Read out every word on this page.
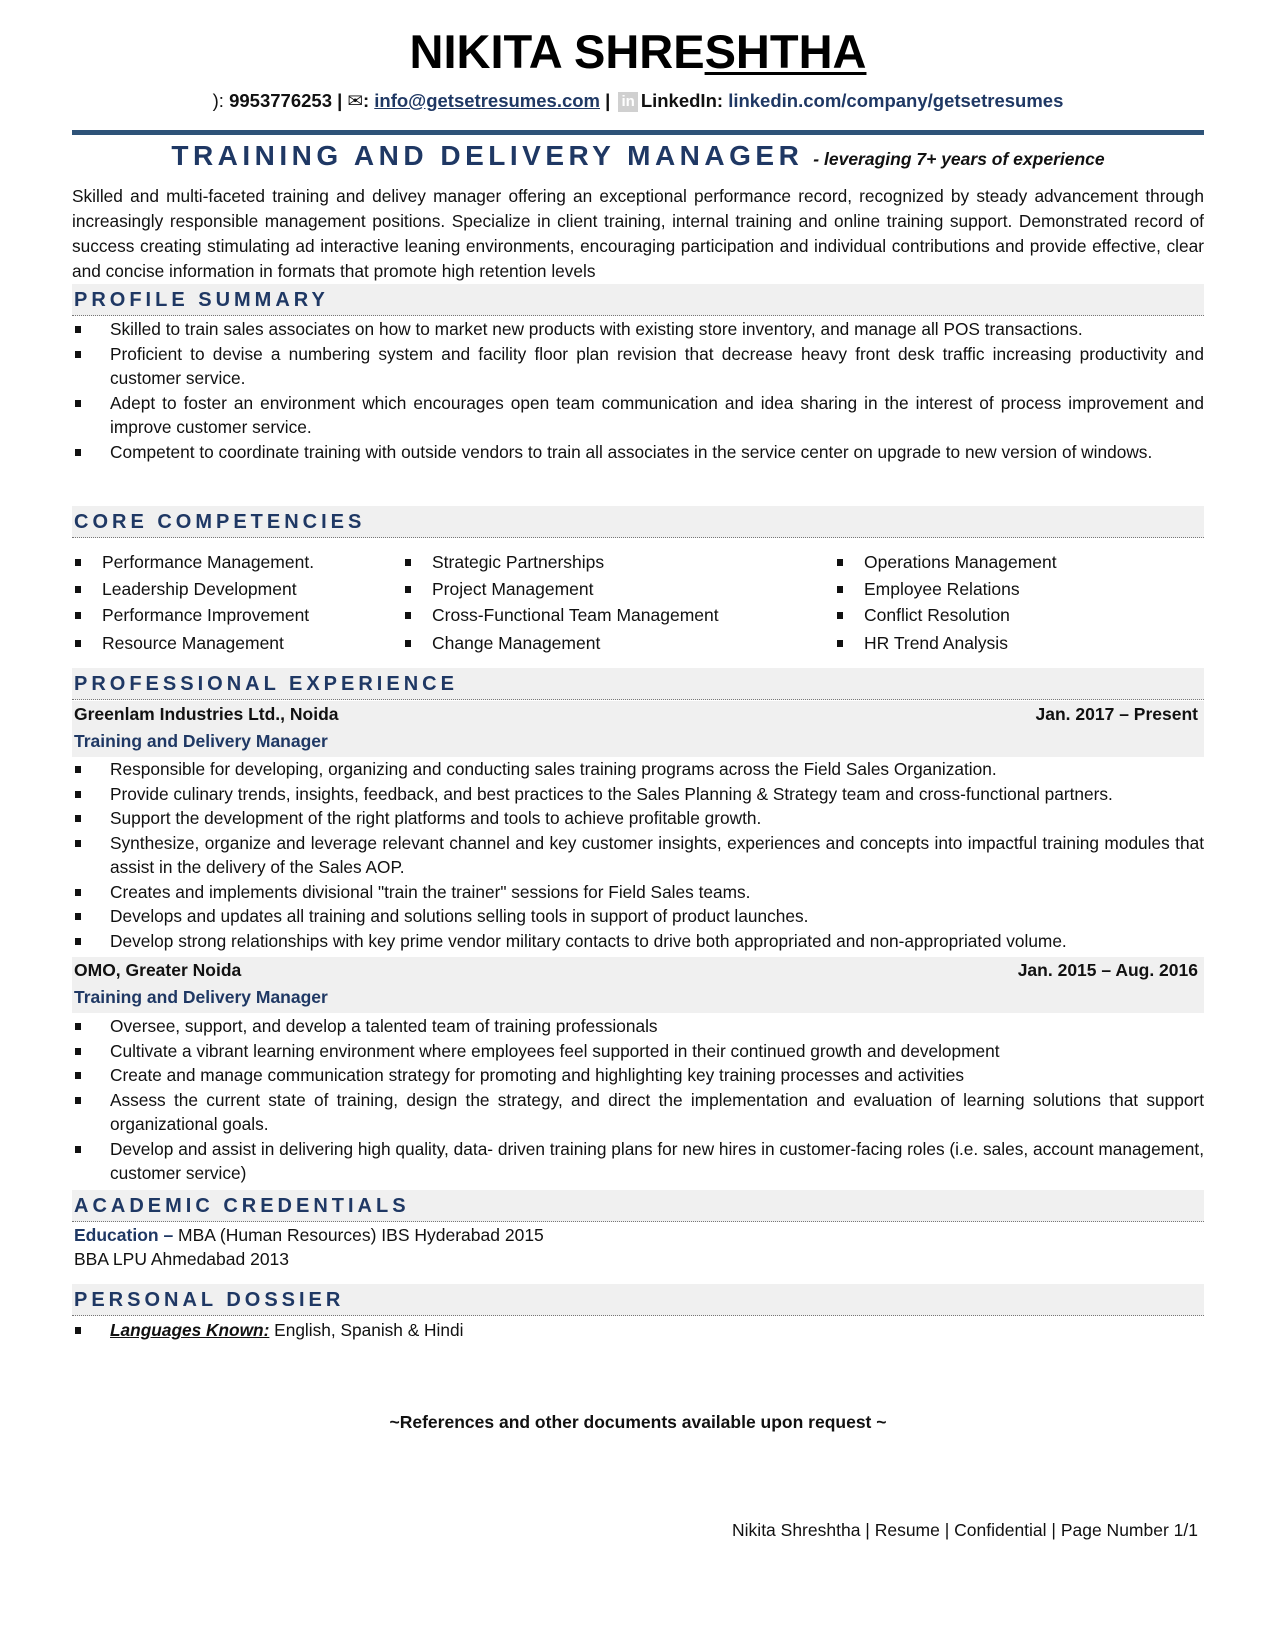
NIKITA SHRESHTHA
): 9953776253 | ✉: info@getsetresumes.com | in LinkedIn: linkedin.com/company/getsetresumes
TRAINING AND DELIVERY MANAGER - leveraging 7+ years of experience

Skilled and multi-faceted training and delivey manager offering an exceptional performance record, recognized by steady advancement through increasingly responsible management positions. Specialize in client training, internal training and online training support. Demonstrated record of success creating stimulating ad interactive leaning environments, encouraging participation and individual contributions and provide effective, clear and concise information in formats that promote high retention levels

PROFILE SUMMARY
Skilled to train sales associates on how to market new products with existing store inventory, and manage all POS transactions.
Proficient to devise a numbering system and facility floor plan revision that decrease heavy front desk traffic increasing productivity and customer service.
Adept to foster an environment which encourages open team communication and idea sharing in the interest of process improvement and improve customer service.
Competent to coordinate training with outside vendors to train all associates in the service center on upgrade to new version of windows.
CORE COMPETENCIES
Performance Management.
Leadership Development
Performance Improvement
Resource Management
Strategic Partnerships
Project Management
Cross-Functional Team Management
Change Management
Operations Management
Employee Relations
Conflict Resolution
HR Trend Analysis
PROFESSIONAL EXPERIENCE
Greenlam Industries Ltd., Noida	Jan. 2017 – Present
Training and Delivery Manager
Responsible for developing, organizing and conducting sales training programs across the Field Sales Organization.
Provide culinary trends, insights, feedback, and best practices to the Sales Planning & Strategy team and cross-functional partners.
Support the development of the right platforms and tools to achieve profitable growth.
Synthesize, organize and leverage relevant channel and key customer insights, experiences and concepts into impactful training modules that assist in the delivery of the Sales AOP.
Creates and implements divisional "train the trainer" sessions for Field Sales teams.
Develops and updates all training and solutions selling tools in support of product launches.
Develop strong relationships with key prime vendor military contacts to drive both appropriated and non-appropriated volume.
OMO, Greater Noida	Jan. 2015 – Aug. 2016
Training and Delivery Manager
Oversee, support, and develop a talented team of training professionals
Cultivate a vibrant learning environment where employees feel supported in their continued growth and development
Create and manage communication strategy for promoting and highlighting key training processes and activities
Assess the current state of training, design the strategy, and direct the implementation and evaluation of learning solutions that support organizational goals.
Develop and assist in delivering high quality, data- driven training plans for new hires in customer-facing roles (i.e. sales, account management, customer service)
ACADEMIC CREDENTIALS
Education – MBA (Human Resources) IBS Hyderabad 2015
BBA LPU Ahmedabad 2013
PERSONAL DOSSIER
Languages Known: English, Spanish & Hindi
~References and other documents available upon request ~
Nikita Shreshtha | Resume | Confidential | Page Number 1/1
